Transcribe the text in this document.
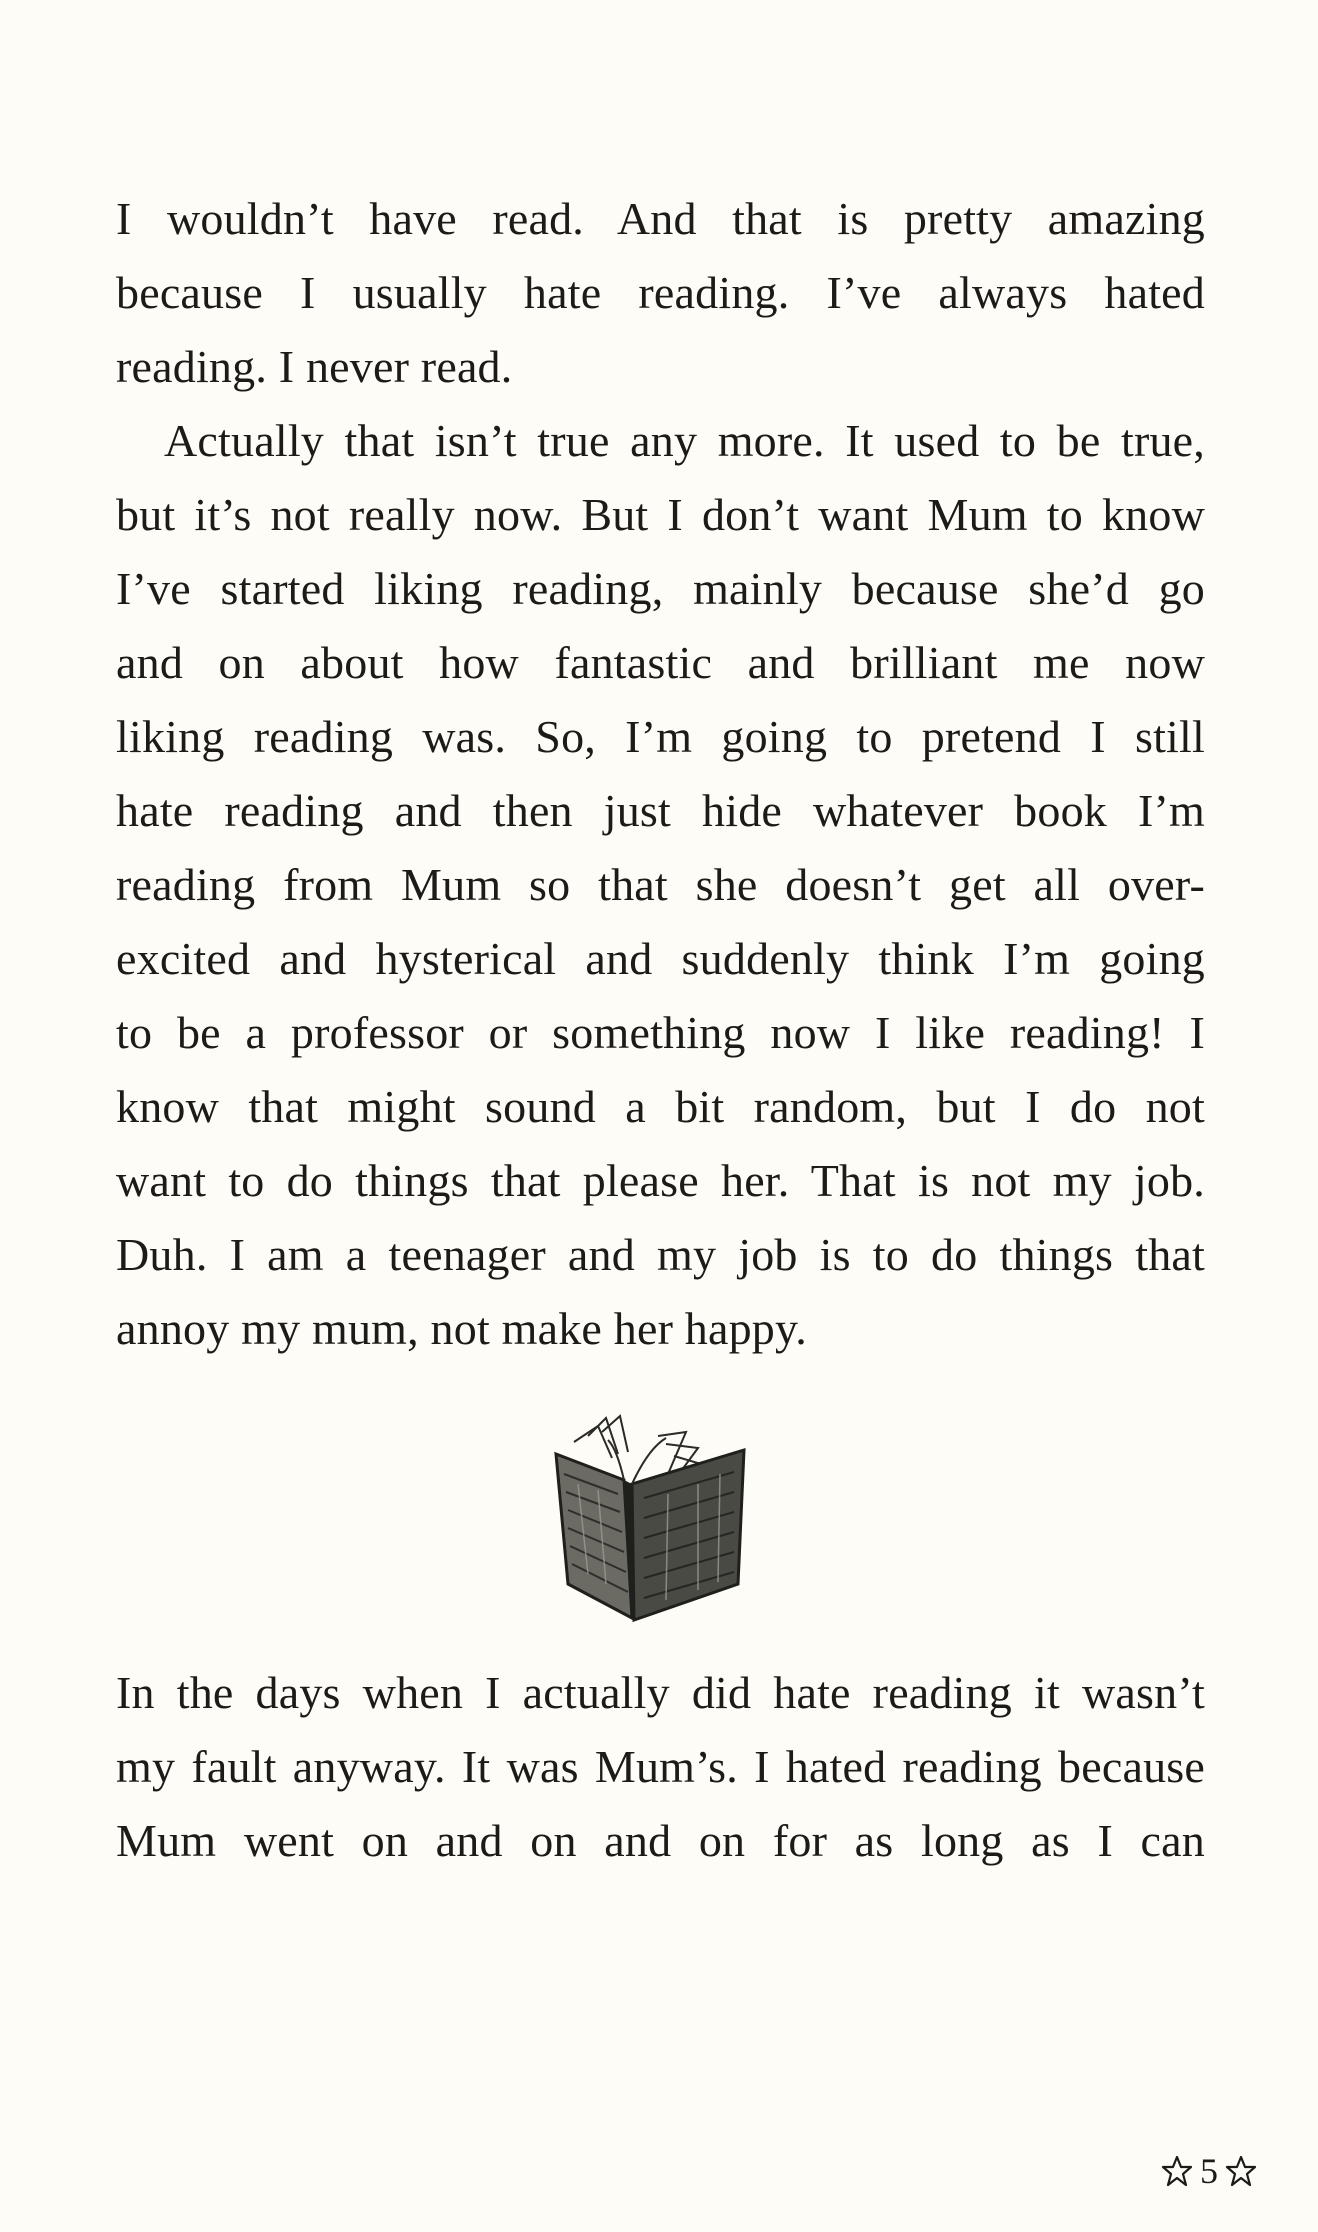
I wouldn’t have read. And that is pretty amazing
because I usually hate reading. I’ve always hated
reading. I never read.

Actually that isn’t true any more. It used to be true,
but it’s not really now. But I don’t want Mum to know
I’ve started liking reading, mainly because she’d go
and on about how fantastic and brilliant me now
liking reading was. So, I’m going to pretend I still
hate reading and then just hide whatever book I’m
reading from Mum so that she doesn’t get all over-
excited and hysterical and suddenly think I’m going
to be a professor or something now I like reading! I
know that might sound a bit random, but I do not
want to do things that please her. That is not my job.
Duh. I am a teenager and my job is to do things that
annoy my mum, not make her happy.

In the days when I actually did hate reading it wasn’t
my fault anyway. It was Mum’s. I hated reading because
Mum went on and on and on for as long as I can

5
